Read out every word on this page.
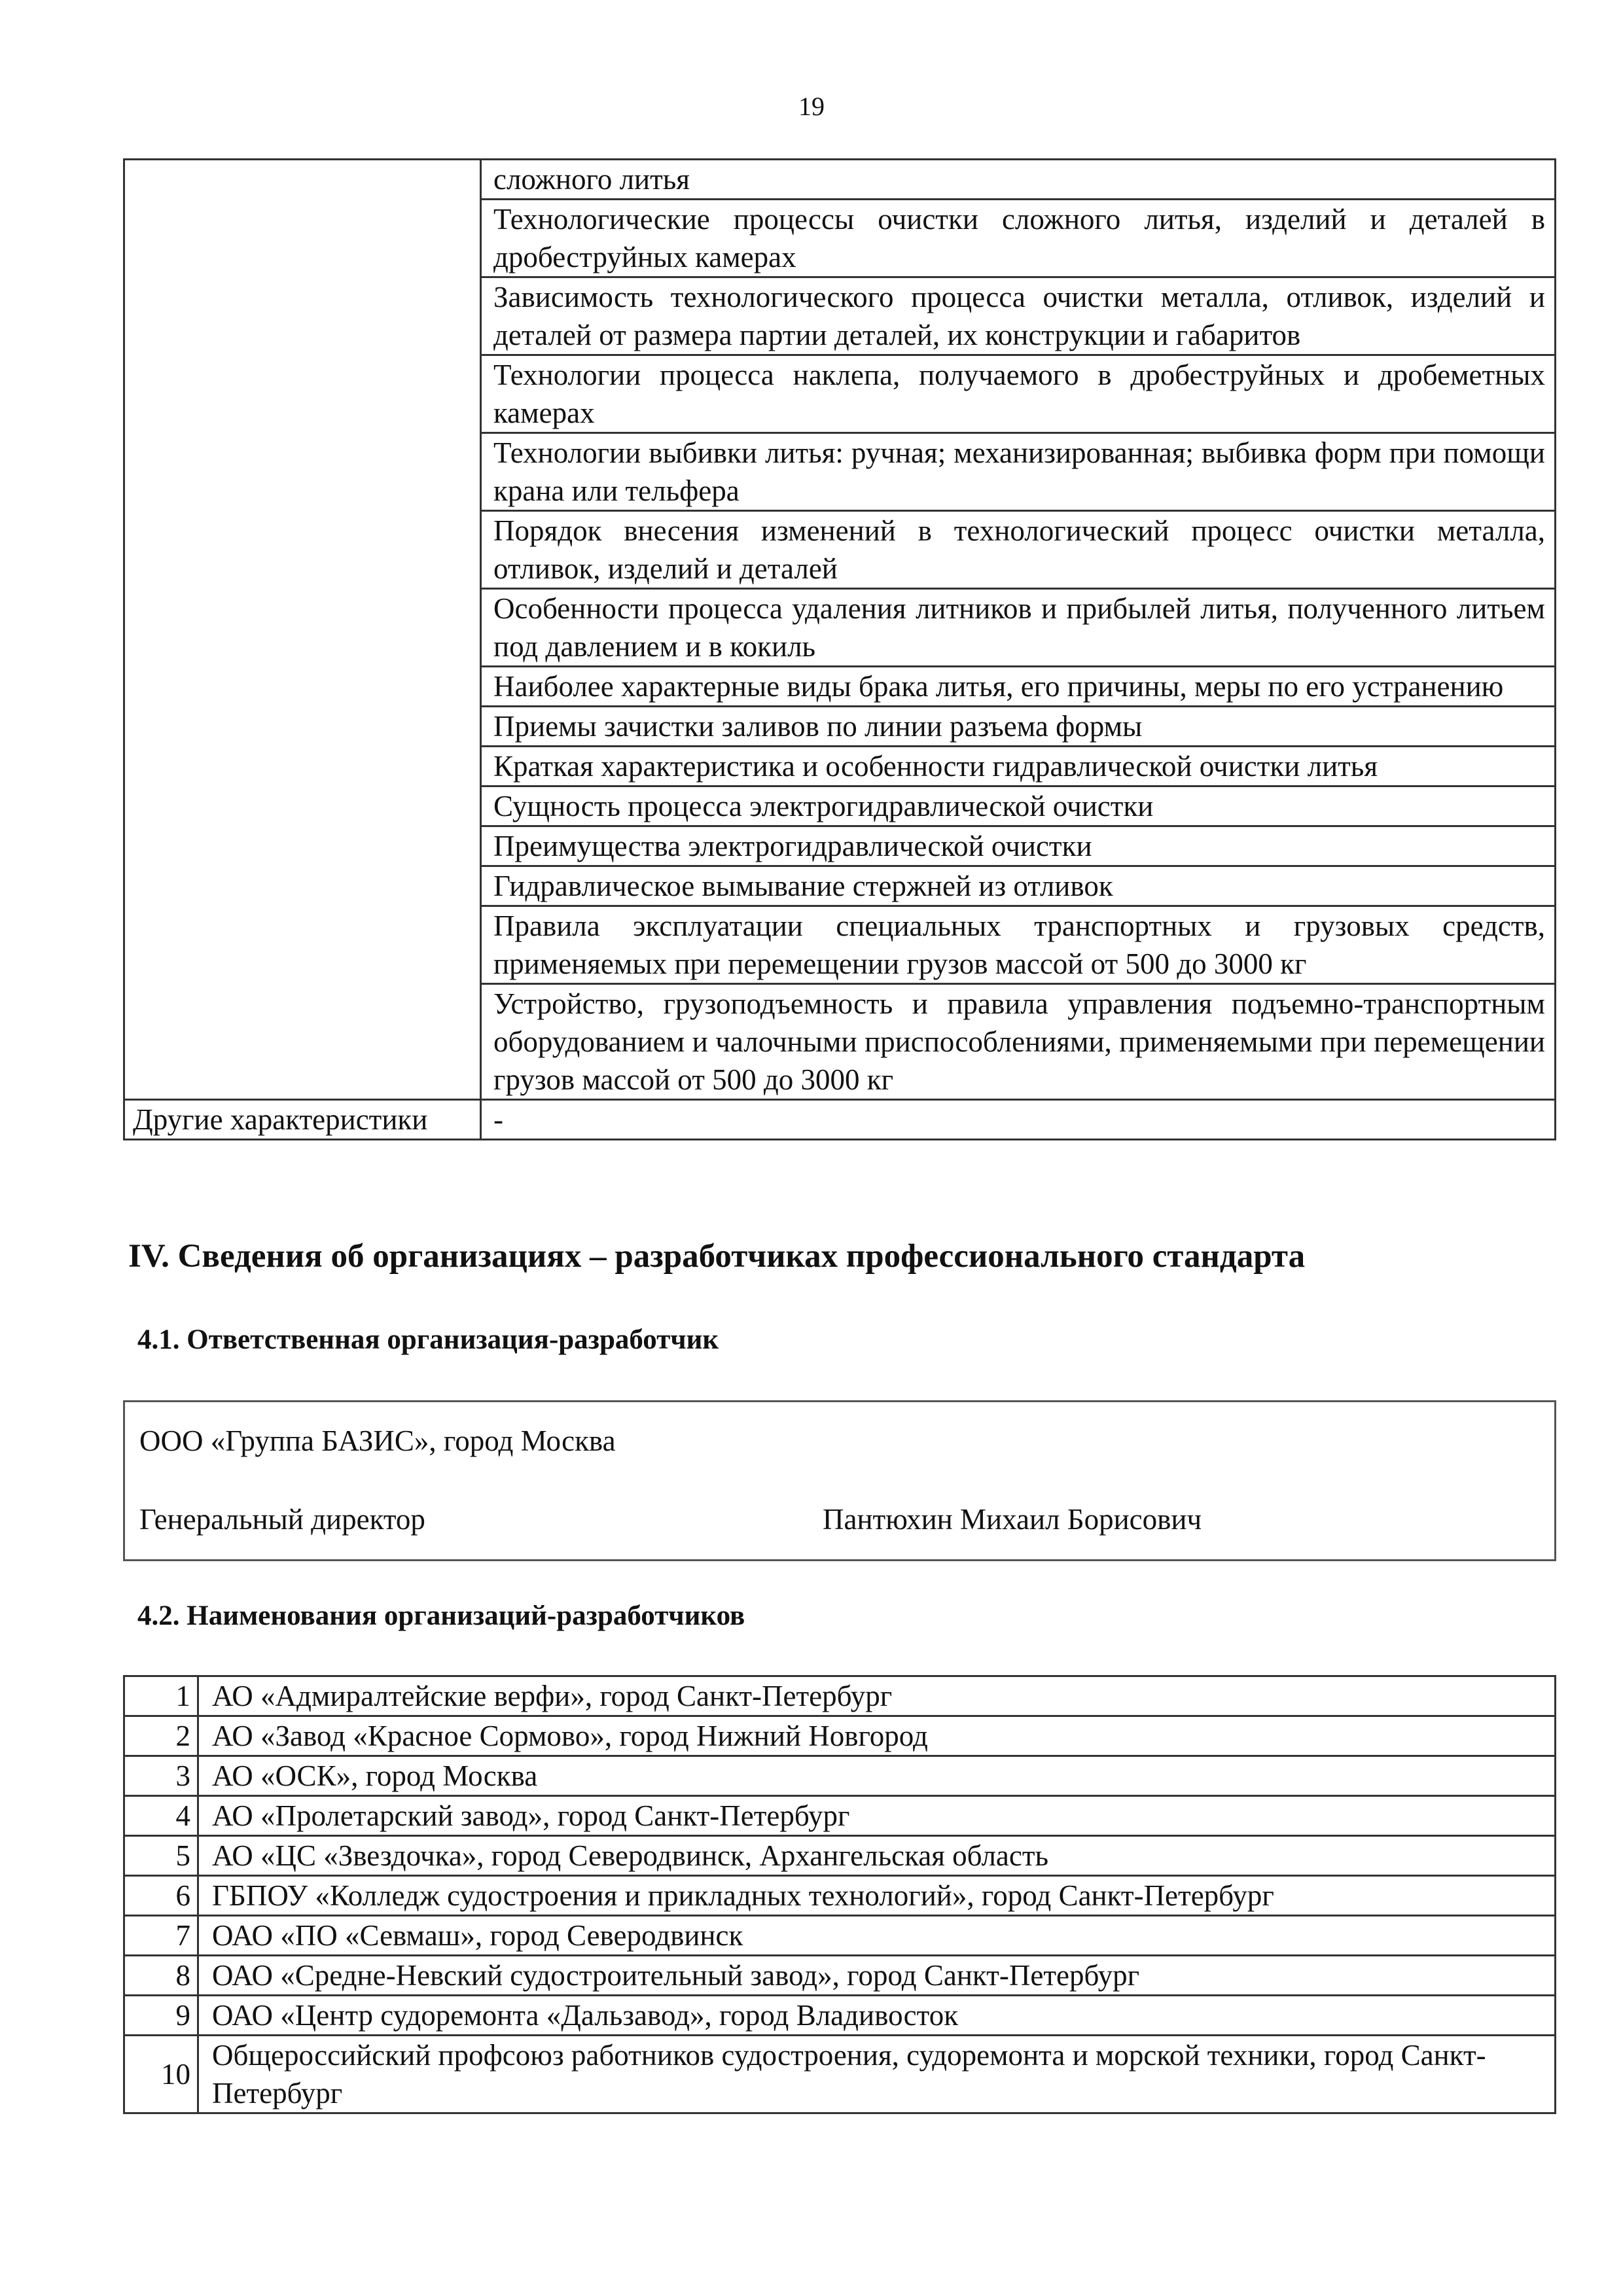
19
	сложного литья
	Технологические процессы очистки сложного литья, изделий и деталей в дробеструйных камерах
	Зависимость технологического процесса очистки металла, отливок, изделий и деталей от размера партии деталей, их конструкции и габаритов
	Технологии процесса наклепа, получаемого в дробеструйных и дробеметных камерах
	Технологии выбивки литья: ручная; механизированная; выбивка форм при помощи крана или тельфера
	Порядок внесения изменений в технологический процесс очистки металла, отливок, изделий и деталей
	Особенности процесса удаления литников и прибылей литья, полученного литьем под давлением и в кокиль
	Наиболее характерные виды брака литья, его причины, меры по его устранению
	Приемы зачистки заливов по линии разъема формы
	Краткая характеристика и особенности гидравлической очистки литья
	Сущность процесса электрогидравлической очистки
	Преимущества электрогидравлической очистки
	Гидравлическое вымывание стержней из отливок
	Правила эксплуатации специальных транспортных и грузовых средств, применяемых при перемещении грузов массой от 500 до 3000 кг
	Устройство, грузоподъемность и правила управления подъемно-транспортным оборудованием и чалочными приспособлениями, применяемыми при перемещении грузов массой от 500 до 3000 кг
Другие характеристики	-
IV. Сведения об организациях – разработчиках профессионального стандарта
4.1. Ответственная организация-разработчик
ООО «Группа БАЗИС», город Москва
Генеральный директор	Пантюхин Михаил Борисович
4.2. Наименования организаций-разработчиков
1	АО «Адмиралтейские верфи», город Санкт-Петербург
2	АО «Завод «Красное Сормово», город Нижний Новгород
3	АО «ОСК», город Москва
4	АО «Пролетарский завод», город Санкт-Петербург
5	АО «ЦС «Звездочка», город Северодвинск, Архангельская область
6	ГБПОУ «Колледж судостроения и прикладных технологий», город Санкт-Петербург
7	ОАО «ПО «Севмаш», город Северодвинск
8	ОАО «Средне-Невский судостроительный завод», город Санкт-Петербург
9	ОАО «Центр судоремонта «Дальзавод», город Владивосток
10	Общероссийский профсоюз работников судостроения, судоремонта и морской техники, город Санкт-Петербург
